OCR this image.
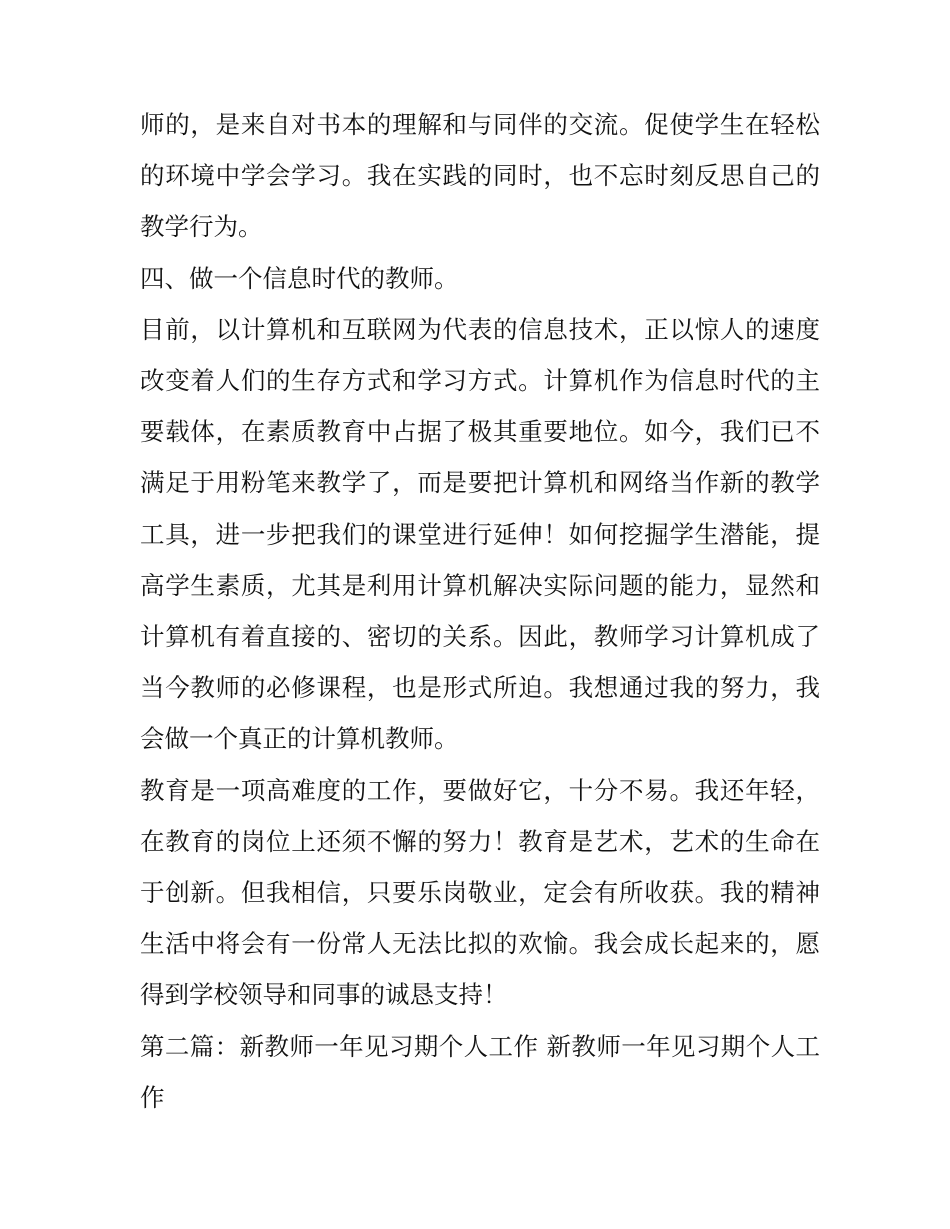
师的，是来自对书本的理解和与同伴的交流。促使学生在轻松的环境中学会学习。我在实践的同时，也不忘时刻反思自己的教学行为。

四、做一个信息时代的教师。

目前，以计算机和互联网为代表的信息技术，正以惊人的速度改变着人们的生存方式和学习方式。计算机作为信息时代的主要载体，在素质教育中占据了极其重要地位。如今，我们已不满足于用粉笔来教学了，而是要把计算机和网络当作新的教学工具，进一步把我们的课堂进行延伸！如何挖掘学生潜能，提高学生素质，尤其是利用计算机解决实际问题的能力，显然和计算机有着直接的、密切的关系。因此，教师学习计算机成了当今教师的必修课程，也是形式所迫。我想通过我的努力，我会做一个真正的计算机教师。

教育是一项高难度的工作，要做好它，十分不易。我还年轻，在教育的岗位上还须不懈的努力！教育是艺术，艺术的生命在于创新。但我相信，只要乐岗敬业，定会有所收获。我的精神生活中将会有一份常人无法比拟的欢愉。我会成长起来的，愿得到学校领导和同事的诚恳支持！

第二篇：新教师一年见习期个人工作 新教师一年见习期个人工作
